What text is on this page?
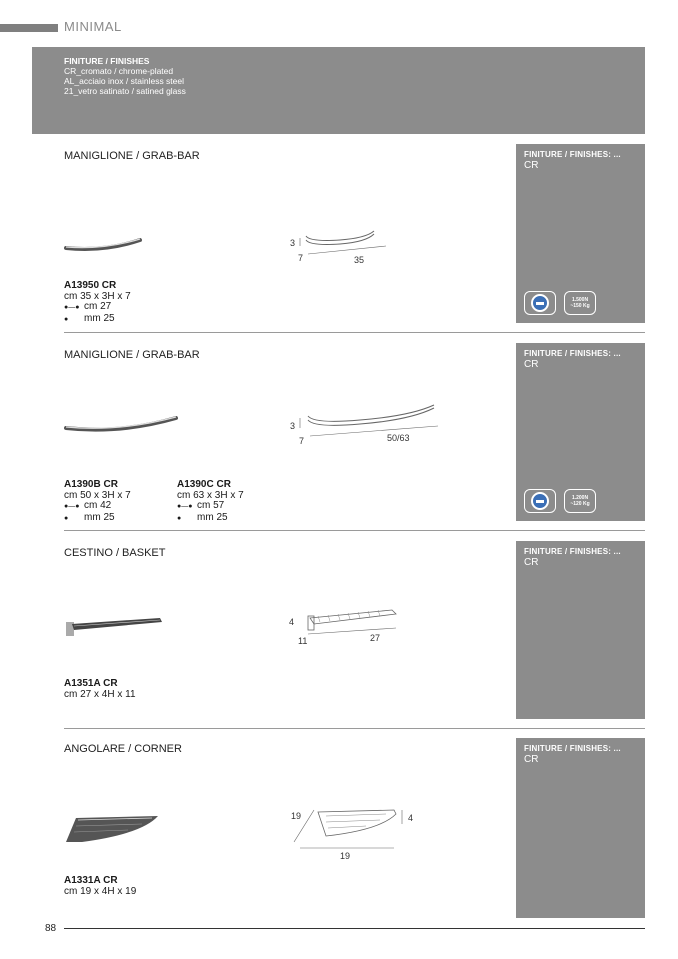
MINIMAL
FINITURE / FINISHES
CR_cromato / chrome-plated
AL_acciaio inox / stainless steel
21_vetro satinato / satined glass
MANIGLIONE / GRAB-BAR	FINITURE / FINISHES: ...
CR
1.500N
~150 Kg
3
7	35
A13950 CR
cm 35 x 3H x 7
●—● cm 27
● mm 25
MANIGLIONE / GRAB-BAR	FINITURE / FINISHES: ...
CR
1.200N
~120 Kg
3
7	50/63
A1390B CR
cm 50 x 3H x 7
●—● cm 42
● mm 25
A1390C CR
cm 63 x 3H x 7
●—● cm 57
● mm 25
CESTINO / BASKET	FINITURE / FINISHES: ...
CR
4
11	27
A1351A CR
cm 27 x 4H x 11
ANGOLARE / CORNER	FINITURE / FINISHES: ...
CR
19	4
19
A1331A CR
cm 19 x 4H x 19
88
